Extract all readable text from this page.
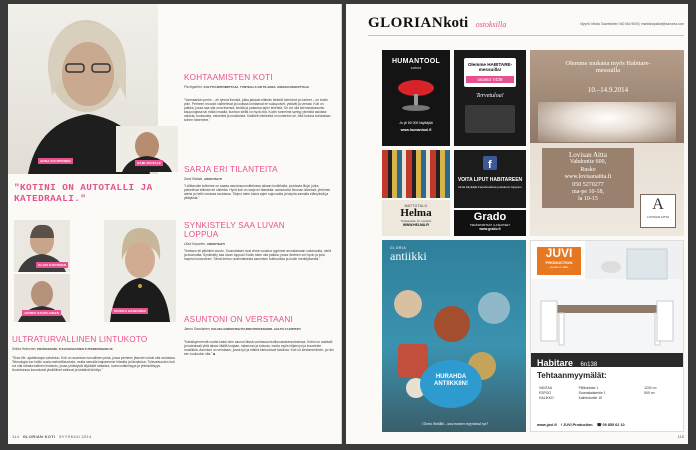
ANNA KAUPPINEN	SAMI RAITALE
"KOTINI ON AUTOTALLI JA KATEDRAALI."
OLAVI KOPONEN
JARMO SAVOLAINEN	SIRKKA HEINONEN
ULTRATURVALLINEN LINTUKOTO
Sirkka Heinonen, PROFESSORI, TULEVAISUUDEN TUTKIMUSKESKUS
"Slow life -ajattelutapa vahvistuu. Koti on asumisen turvallinen pesä, jossa perheen jäsenet voivat olla rauhassa. Teknologia tuo kotiin uusia mahdollisuuksia, mutta samalla kaipaamme hitautta ja läsnäoloa. Tulevaisuuden koti voi olla ultraturvallinen lintukoto, jossa yhdistyvät älykkäät ratkaisut, luonnonläheisyys ja yhteisöllisyys. Asumisessa korostuvat yksilölliset valinnat ja kestävä kehitys."
KOHTAAMISTEN KOTI
Pia Ingström, KULTTUURITOIMITTAJA, TUNTEILLA ON TILANSA -KIRJAN KIRJOITTAJA
"Varmaankin perhe – eli ryhmä ihmisiä, jotka jakavat elämän tärkeät toiminnot ja tunteet – on kodin ydin. Perheen muodot vaihtelevat ja kodissa kohtaavat eri sukupolvet, ystävät ja vieraat. Koti on paikka, jossa saa olla oma itsensä, levätä ja palautua arjen kiireistä. Se voi olla kerrostaloasunto kaupungissa tai mökki maalla, kunhan siellä on hyvä olla. Kodin tunnelma syntyy pienistä asioista: valosta, tuoksuista, esineistä ja muistoista. Kaikkein tärkeintä on kuitenkin se, että kotona kohdataan toinen toisemme."
SARJA ERI TILANTEITA
Sami Raitala, ARKKITEHTI
"Lähitavoite kotimme on saada asuntosuunnittelussa aikaan kodikkaita, joustavia tiloja, jotka palvelevat elämän eri vaiheita. Hyvä koti on sarja eri tilanteita: aamukahvi ikkunan ääressä, yhteinen ateria ja hetki omassa rauhassa. Tilojen tulee tukea arjen sujuvuutta ja tarjota samalla elämyksiä ja yllätyksiä."
SYNKISTELY SAA LUVAN LOPPUA
Olavi Koponen, ARKKITEHTI
"Ihmisen eli pitkinkin muuto. Suomalaiset ovat viime vuosina oppineet arvostamaan valoisuutta, väriä ja avaruutta. Synkistely saa luvan loppua! Kodin tulee olla paikka, jossa ihminen voi hyvin ja joka inspiroi luovuuteen. Tämä kertoo uudenlaisesta asumisen kulttuurista ja kodin merkityksestä."
ASUNTONI ON VERSTAANI
Jarmo Savolainen, PALVELUARKKITEHTUURIN PROFESSORI, AALTO-YLIOPISTO
"Kaksikymmentä vuotta kaksi olen asunut tässä vanhassa teollisuusrakennuksessa. Kotini on autotalli ja katedraali yhtä aikaa: täällä korjaan, rakennan ja kokoan, mutta myös hiljennyn ja kuuntelen musiikkia. Asuntoni on verstaani, jossa työ ja elämä kietoutuvat toisiinsa. Koti on keskeneräinen, ja niin sen kuuluukin olla." ■
114 GLORIAN KOTI SYYSKUU 2014
GLORIANkoti ostoksilla	Myynti: Marko Saarelainen 040 664 9605 | markkinapaikat@sanoma.com
HUMANTOOL
satula
Jo yli 60 000 käyttäjää
www.humantool.fi
Olemme HABITARE-messuilla!
osasto 7438
Tervetuloa!
Olemme mukana myös Habitare-messuilla
10.–14.9.2014
Lovisan Aitta
Vahdontie 600,
Rusko
www.lovisanaitta.fi
050 5270277
ma-pe 10-18,
la 10-15	A
LOVISAN AITTA
f
VOITA LIPUT HABITAREEN
Hinta käyttäjät Facebookissa joulukuun loppuun
MATTOTALO
Helma
Tehtaankatu 1b, Helsinki
WWW.HELMA.FI
Grado
TERÄSPORTAAT | LASIAITEET
www.grado.fi
GLORIA
antiikki
HURAHDA
ANTIIKKIIN!
Gloria Antiikki – uusi numero myynnissä nyt!
JUVI
PRODUCTION
– viestä on väliä –
Habitare 6n138
Tehtaanmyymälät:
VANTAA	Piilikonkäsi 1	1200 m²
ESPOO	Suomalaistentie 1	500 m²
HALIKKO	Kalmintuntie 15	
www.juvi.fi f JUVI.Production ☎ 09 855 62 10
115
